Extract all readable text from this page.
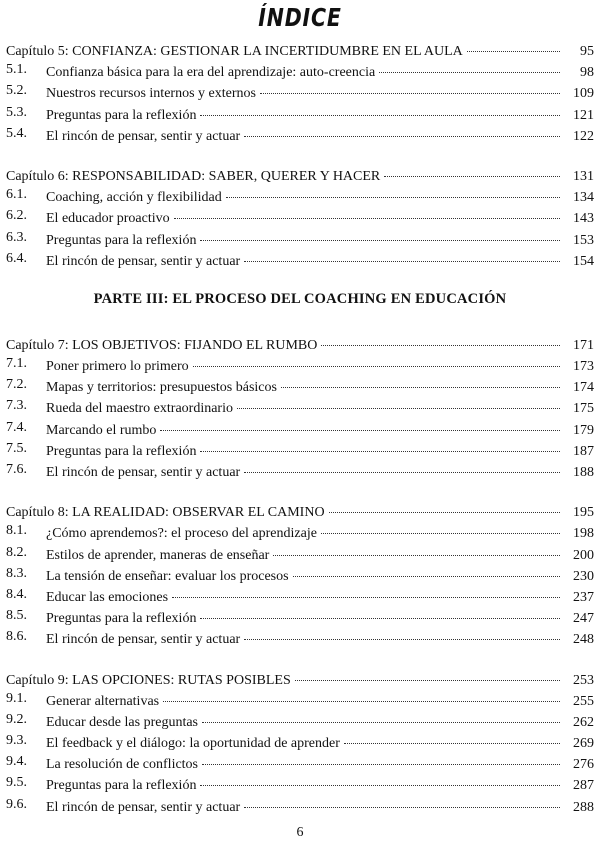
ÍNDICE
Capítulo 5: CONFIANZA: GESTIONAR LA INCERTIDUMBRE EN EL AULA	95
5.1. Confianza básica para la era del aprendizaje: auto-creencia	98
5.2. Nuestros recursos internos y externos	109
5.3. Preguntas para la reflexión	121
5.4. El rincón de pensar, sentir y actuar	122
Capítulo 6: RESPONSABILIDAD: SABER, QUERER Y HACER	131
6.1. Coaching, acción y flexibilidad	134
6.2. El educador proactivo	143
6.3. Preguntas para la reflexión	153
6.4. El rincón de pensar, sentir y actuar	154
PARTE III: EL PROCESO DEL COACHING EN EDUCACIÓN
Capítulo 7: LOS OBJETIVOS: FIJANDO EL RUMBO	171
7.1. Poner primero lo primero	173
7.2. Mapas y territorios: presupuestos básicos	174
7.3. Rueda del maestro extraordinario	175
7.4. Marcando el rumbo	179
7.5. Preguntas para la reflexión	187
7.6. El rincón de pensar, sentir y actuar	188
Capítulo 8: LA REALIDAD: OBSERVAR EL CAMINO	195
8.1. ¿Cómo aprendemos?: el proceso del aprendizaje	198
8.2. Estilos de aprender, maneras de enseñar	200
8.3. La tensión de enseñar: evaluar los procesos	230
8.4. Educar las emociones	237
8.5. Preguntas para la reflexión	247
8.6. El rincón de pensar, sentir y actuar	248
Capítulo 9: LAS OPCIONES: RUTAS POSIBLES	253
9.1. Generar alternativas	255
9.2. Educar desde las preguntas	262
9.3. El feedback y el diálogo: la oportunidad de aprender	269
9.4. La resolución de conflictos	276
9.5. Preguntas para la reflexión	287
9.6. El rincón de pensar, sentir y actuar	288
6
